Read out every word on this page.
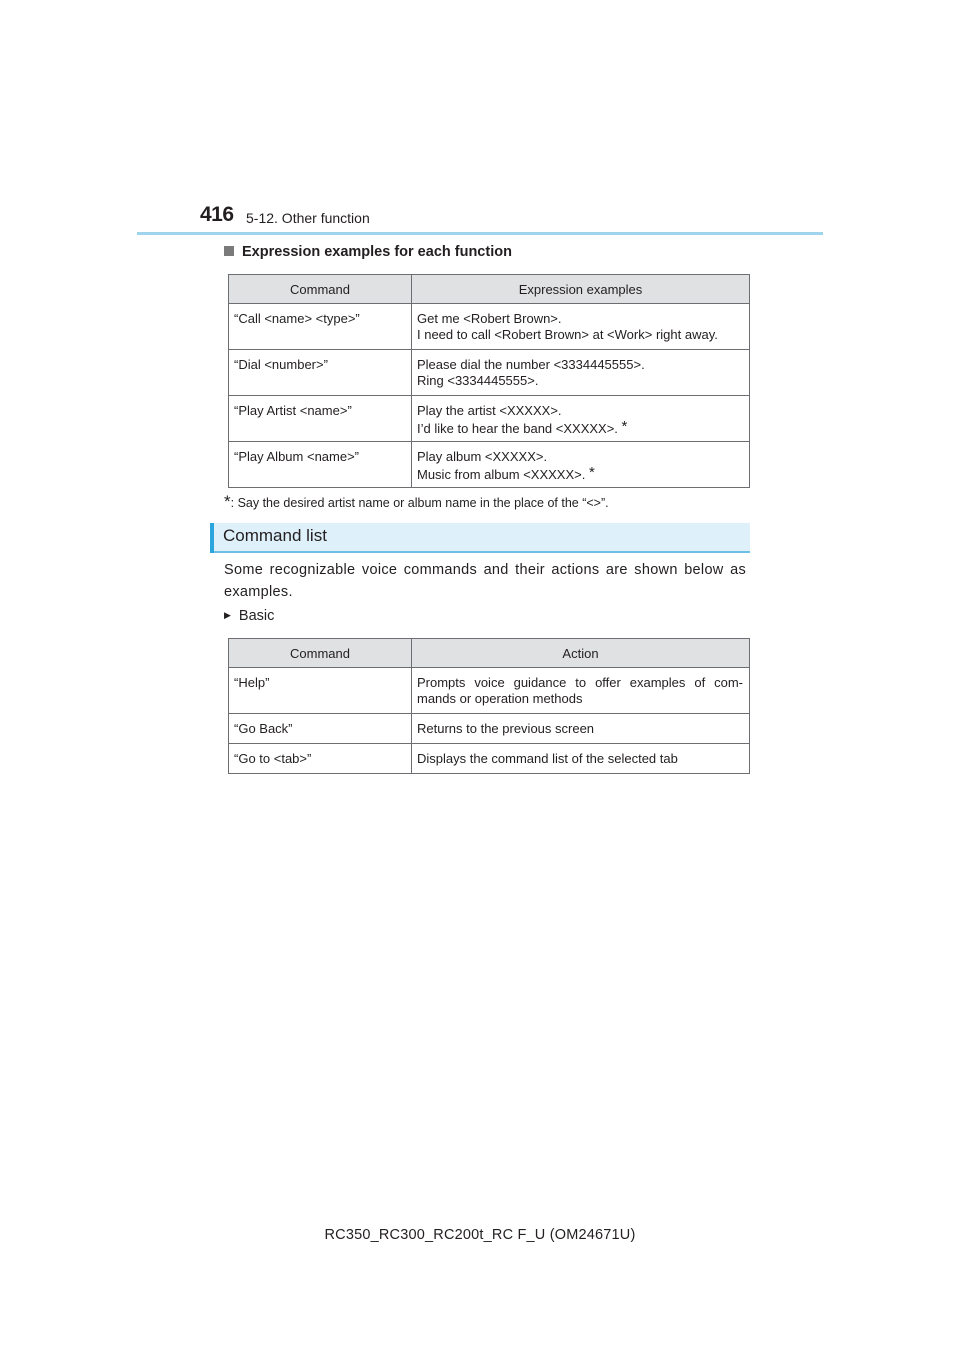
416 5-12. Other function
Expression examples for each function
Command	Expression examples
“Call <name> <type>”	Get me <Robert Brown>.
I need to call <Robert Brown> at <Work> right away.

“Dial <number>”	Please dial the number <3334445555>.
Ring <3334445555>.

“Play Artist <name>”	Play the artist <XXXXX>.
I’d like to hear the band <XXXXX>. *

“Play Album <name>”	Play album <XXXXX>.
Music from album <XXXXX>. *
*: Say the desired artist name or album name in the place of the “<>”.
Command list
Some recognizable voice commands and their actions are shown below as examples.
▶ Basic
Command	Action
“Help”	Prompts voice guidance to offer examples of com-
mands or operation methods

“Go Back”	Returns to the previous screen
“Go to <tab>”	Displays the command list of the selected tab
RC350_RC300_RC200t_RC F_U (OM24671U)
